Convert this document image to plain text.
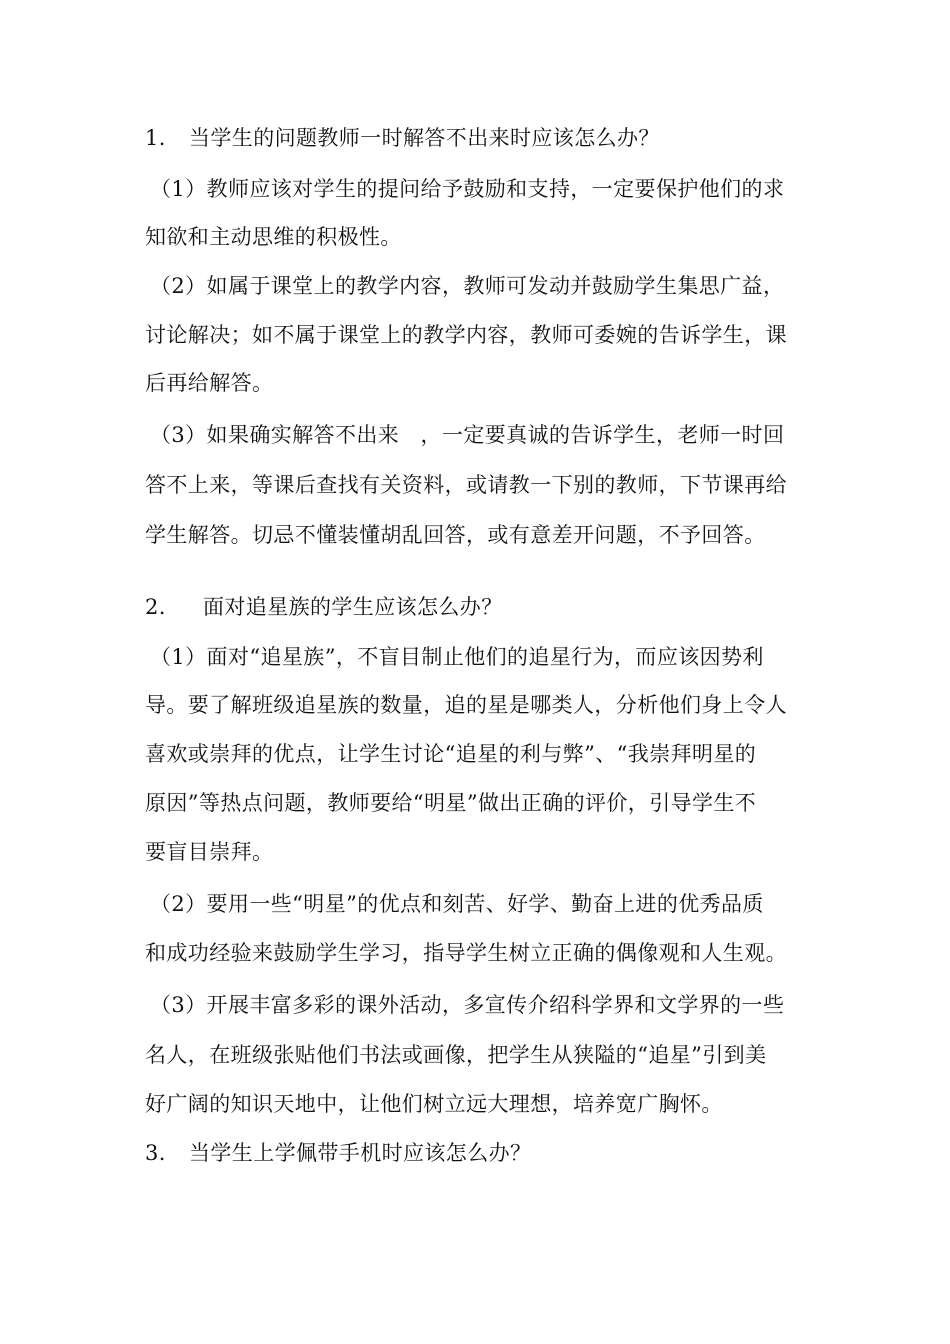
1. 当学生的问题教师一时解答不出来时应该怎么办？
（1）教师应该对学生的提问给予鼓励和支持，一定要保护他们的求
知欲和主动思维的积极性。
（2）如属于课堂上的教学内容，教师可发动并鼓励学生集思广益，
讨论解决；如不属于课堂上的教学内容，教师可委婉的告诉学生，课
后再给解答。
（3）如果确实解答不出来　，一定要真诚的告诉学生，老师一时回
答不上来，等课后查找有关资料，或请教一下别的教师，下节课再给
学生解答。切忌不懂装懂胡乱回答，或有意差开问题，不予回答。
2. 面对追星族的学生应该怎么办？
（1）面对“追星族”，不盲目制止他们的追星行为，而应该因势利
导。要了解班级追星族的数量，追的星是哪类人，分析他们身上令人
喜欢或崇拜的优点，让学生讨论“追星的利与弊”、“我崇拜明星的
原因”等热点问题，教师要给“明星”做出正确的评价，引导学生不
要盲目崇拜。
（2）要用一些“明星”的优点和刻苦、好学、勤奋上进的优秀品质
和成功经验来鼓励学生学习，指导学生树立正确的偶像观和人生观。
（3）开展丰富多彩的课外活动，多宣传介绍科学界和文学界的一些
名人，在班级张贴他们书法或画像，把学生从狭隘的“追星”引到美
好广阔的知识天地中，让他们树立远大理想，培养宽广胸怀。
3. 当学生上学佩带手机时应该怎么办？
